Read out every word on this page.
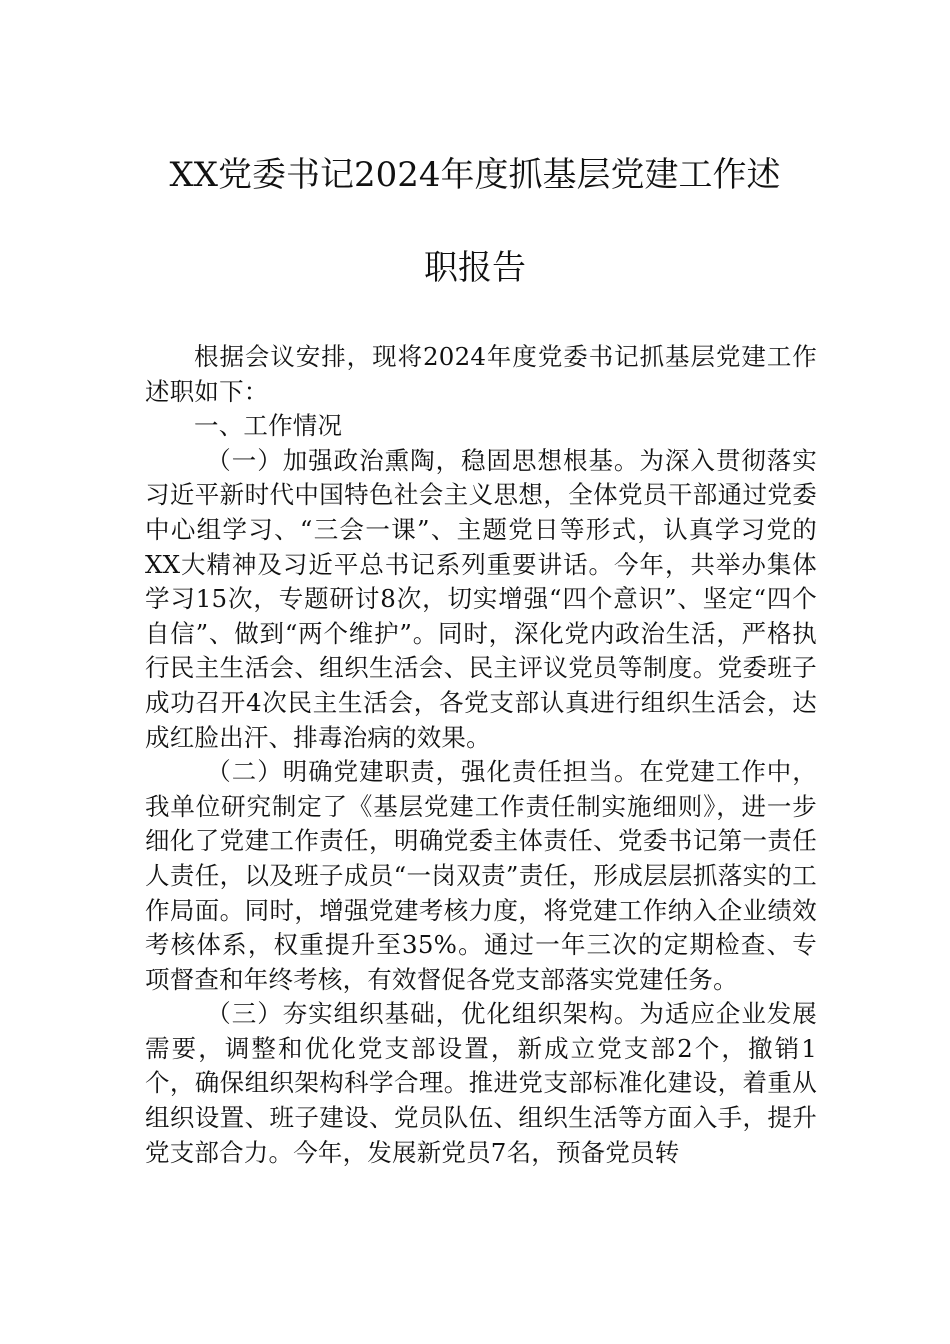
XX党委书记2024年度抓基层党建工作述
职报告

根据会议安排，现将2024年度党委书记抓基层党建工作述职如下：

一、工作情况

（一）加强政治熏陶，稳固思想根基。为深入贯彻落实习近平新时代中国特色社会主义思想，全体党员干部通过党委中心组学习、“三会一课”、主题党日等形式，认真学习党的XX大精神及习近平总书记系列重要讲话。今年，共举办集体学习15次，专题研讨8次，切实增强“四个意识”、坚定“四个自信”、做到“两个维护”。同时，深化党内政治生活，严格执行民主生活会、组织生活会、民主评议党员等制度。党委班子成功召开4次民主生活会，各党支部认真进行组织生活会，达成红脸出汗、排毒治病的效果。

（二）明确党建职责，强化责任担当。在党建工作中，我单位研究制定了《基层党建工作责任制实施细则》，进一步细化了党建工作责任，明确党委主体责任、党委书记第一责任人责任，以及班子成员“一岗双责”责任，形成层层抓落实的工作局面。同时，增强党建考核力度，将党建工作纳入企业绩效考核体系，权重提升至35%。通过一年三次的定期检查、专项督查和年终考核，有效督促各党支部落实党建任务。

（三）夯实组织基础，优化组织架构。为适应企业发展需要，调整和优化党支部设置，新成立党支部2个，撤销1个，确保组织架构科学合理。推进党支部标准化建设，着重从组织设置、班子建设、党员队伍、组织生活等方面入手，提升党支部合力。今年，发展新党员7名，预备党员转
